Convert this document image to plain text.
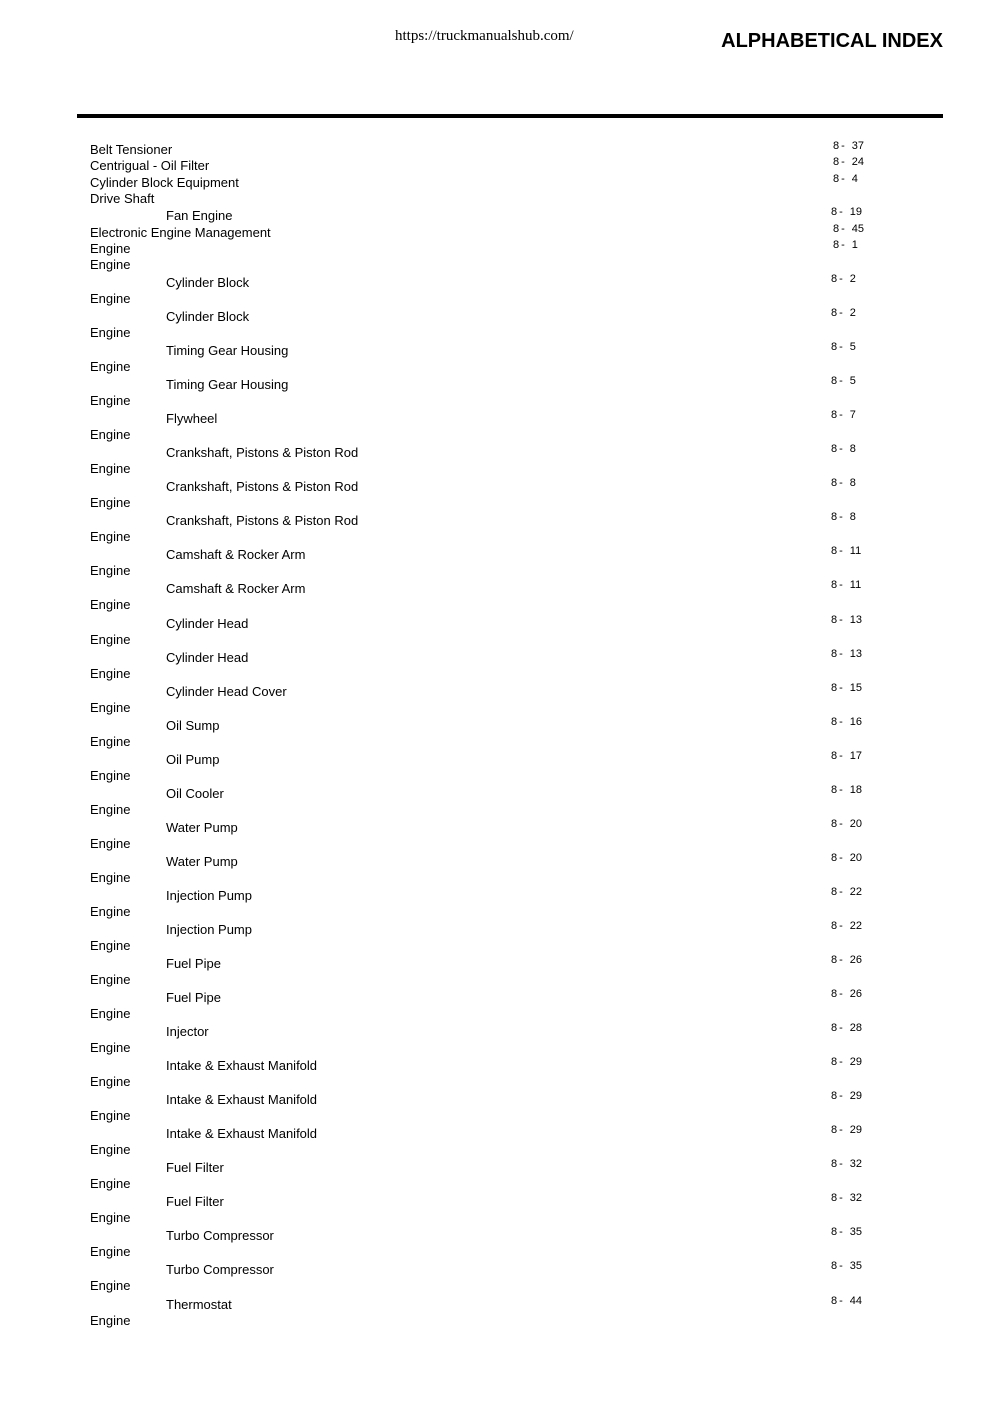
https://truckmanualshub.com/	ALPHABETICAL INDEX
Belt Tensioner	8 - 37
Centrigual - Oil Filter	8 - 24
Cylinder Block Equipment	8 - 4
Drive Shaft
Fan Engine	8 - 19
Electronic Engine Management	8 - 45
Engine	8 - 1
Engine
Cylinder Block	8 - 2
Engine
Cylinder Block	8 - 2
Engine
Timing Gear Housing	8 - 5
Engine
Timing Gear Housing	8 - 5
Engine
Flywheel	8 - 7
Engine
Crankshaft, Pistons & Piston Rod	8 - 8
Engine
Crankshaft, Pistons & Piston Rod	8 - 8
Engine
Crankshaft, Pistons & Piston Rod	8 - 8
Engine
Camshaft & Rocker Arm	8 - 11
Engine
Camshaft & Rocker Arm	8 - 11
Engine
Cylinder Head	8 - 13
Engine
Cylinder Head	8 - 13
Engine
Cylinder Head Cover	8 - 15
Engine
Oil Sump	8 - 16
Engine
Oil Pump	8 - 17
Engine
Oil Cooler	8 - 18
Engine
Water Pump	8 - 20
Engine
Water Pump	8 - 20
Engine
Injection Pump	8 - 22
Engine
Injection Pump	8 - 22
Engine
Fuel Pipe	8 - 26
Engine
Fuel Pipe	8 - 26
Engine
Injector	8 - 28
Engine
Intake & Exhaust Manifold	8 - 29
Engine
Intake & Exhaust Manifold	8 - 29
Engine
Intake & Exhaust Manifold	8 - 29
Engine
Fuel Filter	8 - 32
Engine
Fuel Filter	8 - 32
Engine
Turbo Compressor	8 - 35
Engine
Turbo Compressor	8 - 35
Engine
Thermostat	8 - 44
Engine
